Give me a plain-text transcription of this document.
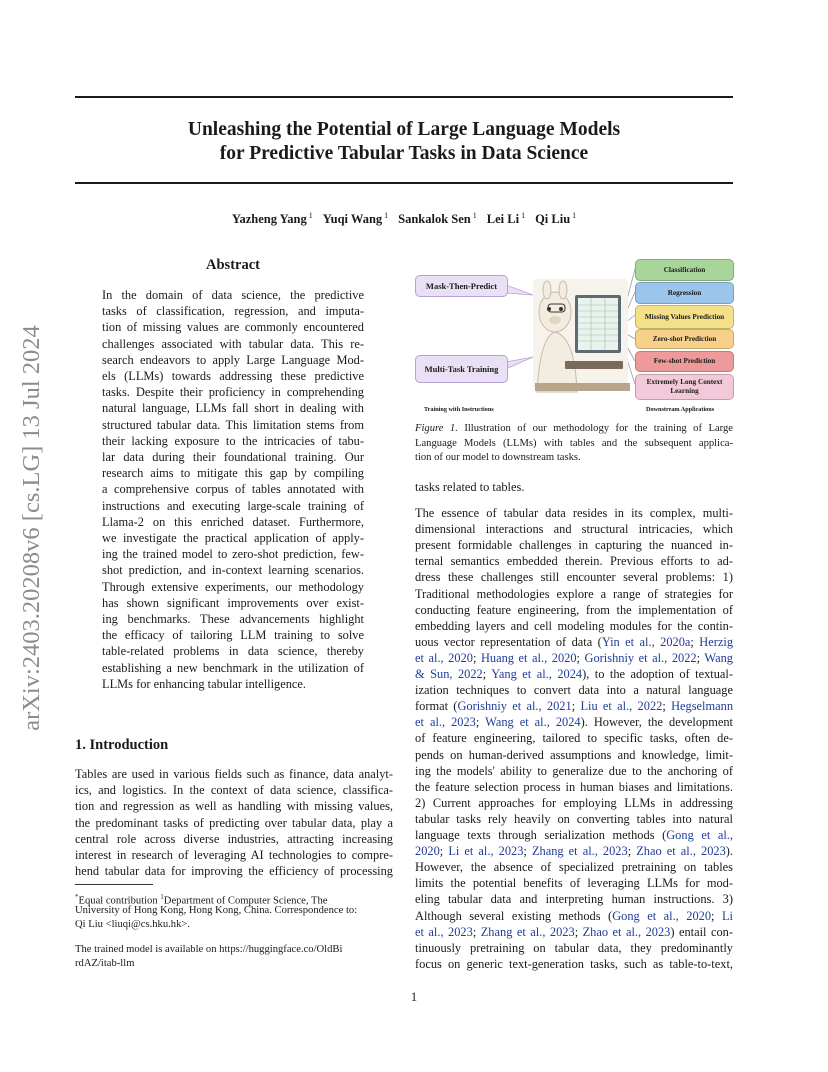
Unleashing the Potential of Large Language Models
for Predictive Tabular Tasks in Data Science
Yazheng Yang $^1$ Yuqi Wang $^1$ Sankalok Sen $^1$ Lei Li $^1$ Qi Liu $^1$
arXiv:2403.20208v6 [cs.LG] 13 Jul 2024
Abstract
In the domain of data science, the predictive
tasks of classification, regression, and imputa-
tion of missing values are commonly encountered
challenges associated with tabular data. This re-
search endeavors to apply Large Language Mod-
els (LLMs) towards addressing these predictive
tasks. Despite their proficiency in comprehending
natural language, LLMs fall short in dealing with
structured tabular data. This limitation stems from
their lacking exposure to the intricacies of tabu-
lar data during their foundational training. Our
research aims to mitigate this gap by compiling
a comprehensive corpus of tables annotated with
instructions and executing large-scale training of
Llama-2 on this enriched dataset. Furthermore,
we investigate the practical application of apply-
ing the trained model to zero-shot prediction, few-
shot prediction, and in-context learning scenarios.
Through extensive experiments, our methodology
has shown significant improvements over exist-
ing benchmarks. These advancements highlight
the efficacy of tailoring LLM training to solve
table-related problems in data science, thereby
establishing a new benchmark in the utilization of
LLMs for enhancing tabular intelligence.
1. Introduction
Tables are used in various fields such as finance, data analyt-
ics, and logistics. In the context of data science, classifica-
tion and regression as well as handling with missing values,
the predominant tasks of predicting over tabular data, play a
central role across diverse industries, attracting increasing
interest in research of leveraging AI technologies to compre-
hend tabular data for improving the efficiency of processing
*Equal contribution $^1$Department of Computer Science, The
University of Hong Kong, Hong Kong, China. Correspondence to:
Qi Liu <liuqi@cs.hku.hk>.
The trained model is available on https://huggingface.co/OldBi
rdAZ/itab-llm
Mask-Then-Predict
Multi-Task Training
Classification
Regression
Missing Values Prediction
Zero-shot Prediction
Few-shot Prediction
Extremely Long Context Learning
Training with Instructions	Downstream Applications
Figure 1. Illustration of our methodology for the training of Large
Language Models (LLMs) with tables and the subsequent applica-
tion of our model to downstream tasks.
tasks related to tables.
The essence of tabular data resides in its complex, multi-
dimensional interactions and structural intricacies, which
present formidable challenges in capturing the nuanced in-
ternal semantics embedded therein. Previous efforts to ad-
dress these challenges still encounter several problems: 1)
Traditional methodologies explore a range of strategies for
conducting feature engineering, from the implementation of
embedding layers and cell modeling modules for the contin-
uous vector representation of data (Yin et al., 2020a; Herzig
et al., 2020; Huang et al., 2020; Gorishniy et al., 2022; Wang
& Sun, 2022; Yang et al., 2024), to the adoption of textual-
ization techniques to convert data into a natural language
format (Gorishniy et al., 2021; Liu et al., 2022; Hegselmann
et al., 2023; Wang et al., 2024). However, the development
of feature engineering, tailored to specific tasks, often de-
pends on human-derived assumptions and knowledge, limit-
ing the models' ability to generalize due to the anchoring of
the feature selection process in human biases and limitations.
2) Current approaches for employing LLMs in addressing
tabular tasks rely heavily on converting tables into natural
language texts through serialization methods (Gong et al.,
2020; Li et al., 2023; Zhang et al., 2023; Zhao et al., 2023).
However, the absence of specialized pretraining on tables
limits the potential benefits of leveraging LLMs for mod-
eling tabular data and interpreting human instructions. 3)
Although several existing methods (Gong et al., 2020; Li
et al., 2023; Zhang et al., 2023; Zhao et al., 2023) entail con-
tinuously pretraining on tabular data, they predominantly
focus on generic text-generation tasks, such as table-to-text,
1
